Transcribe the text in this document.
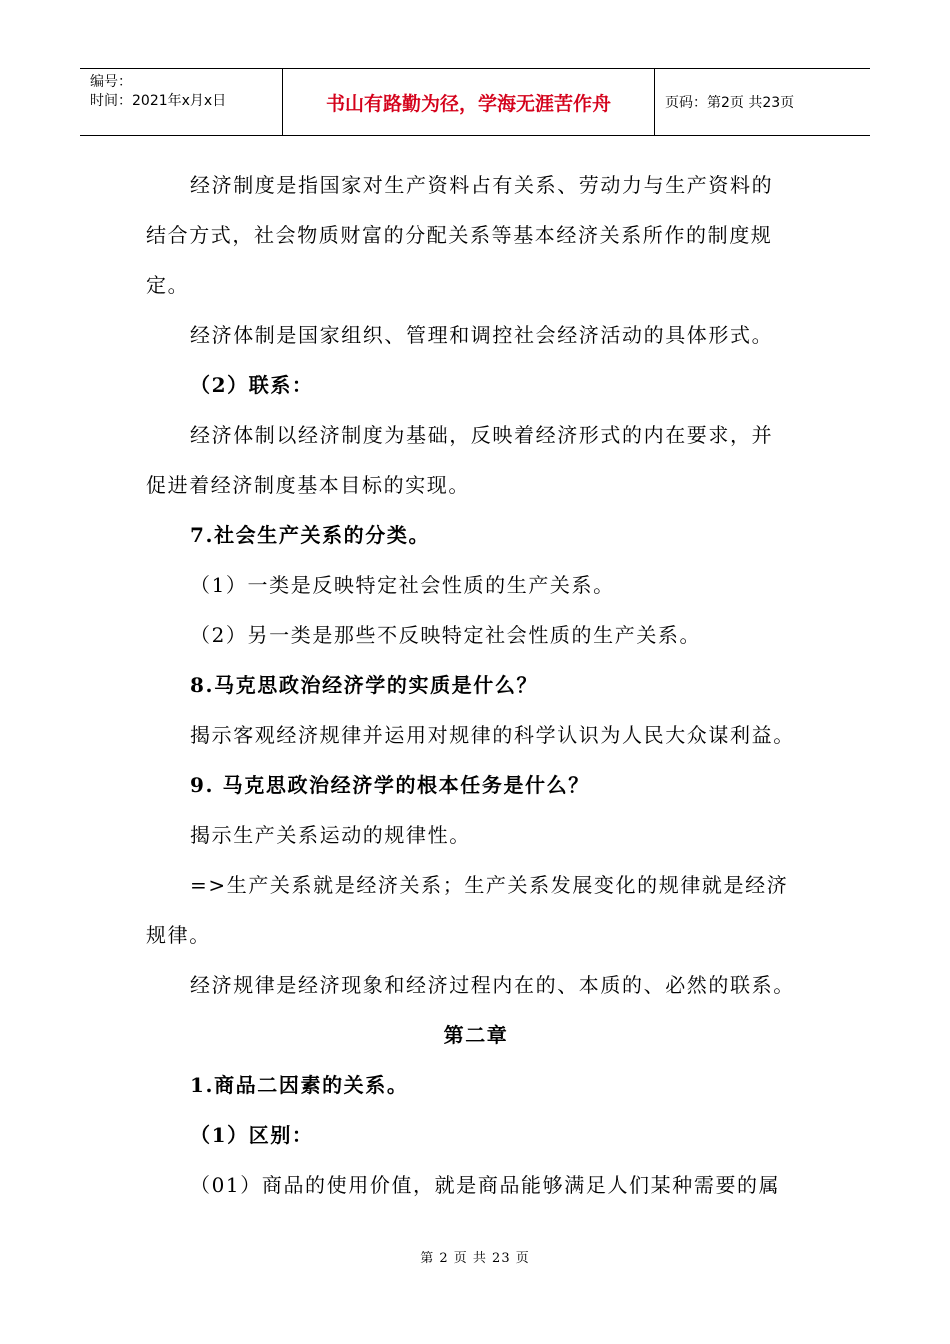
编号：
时间：2021年x月x日	书山有路勤为径，学海无涯苦作舟	页码：第2页 共23页

经济制度是指国家对生产资料占有关系、劳动力与生产资料的

结合方式，社会物质财富的分配关系等基本经济关系所作的制度规

定。

经济体制是国家组织、管理和调控社会经济活动的具体形式。

（2）联系：

经济体制以经济制度为基础，反映着经济形式的内在要求，并

促进着经济制度基本目标的实现。

7.社会生产关系的分类。

（1）一类是反映特定社会性质的生产关系。

（2）另一类是那些不反映特定社会性质的生产关系。

8.马克思政治经济学的实质是什么？

揭示客观经济规律并运用对规律的科学认识为人民大众谋利益。

9. 马克思政治经济学的根本任务是什么？

揭示生产关系运动的规律性。

=>生产关系就是经济关系；生产关系发展变化的规律就是经济

规律。

经济规律是经济现象和经济过程内在的、本质的、必然的联系。

第二章

1.商品二因素的关系。

（1）区别：

（01）商品的使用价值，就是商品能够满足人们某种需要的属

第 2 页 共 23 页
